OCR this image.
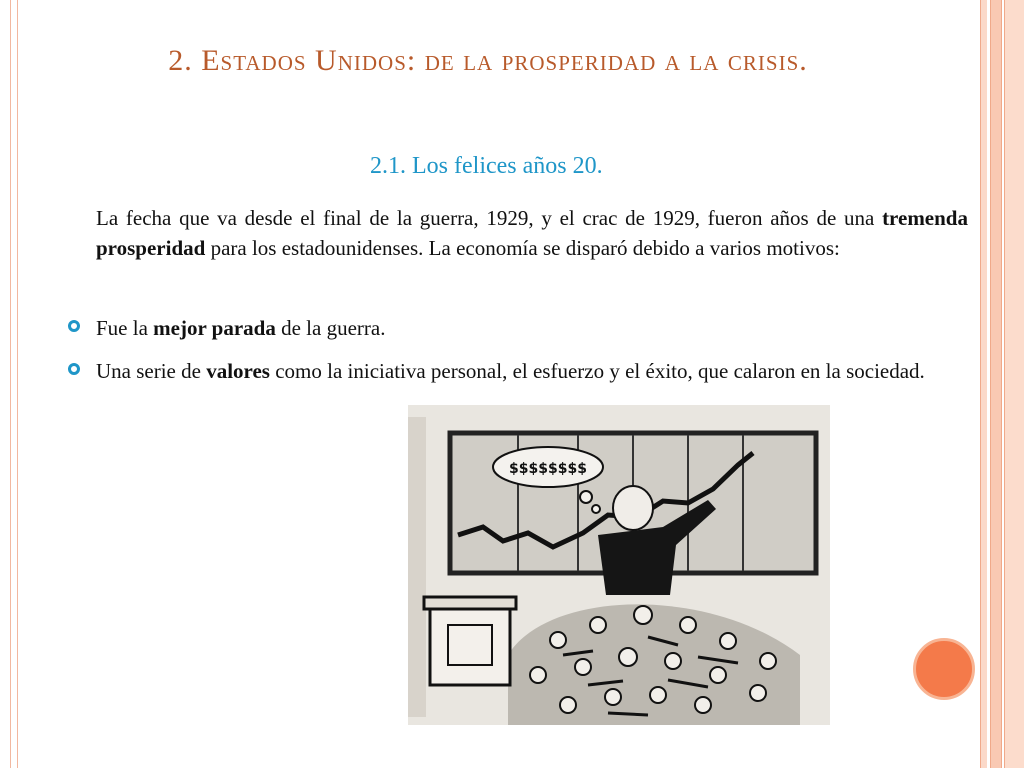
2. Estados Unidos: de la prosperidad a la crisis.
2.1. Los felices años 20.
La fecha que va desde el final de la guerra, 1929, y el crac de 1929, fueron años de una tremenda prosperidad para los estadounidenses. La economía se disparó debido a varios motivos:
Fue la mejor parada de la guerra.
Una serie de valores como la iniciativa personal, el esfuerzo y el éxito, que calaron en la sociedad.
$$$$$$$$
